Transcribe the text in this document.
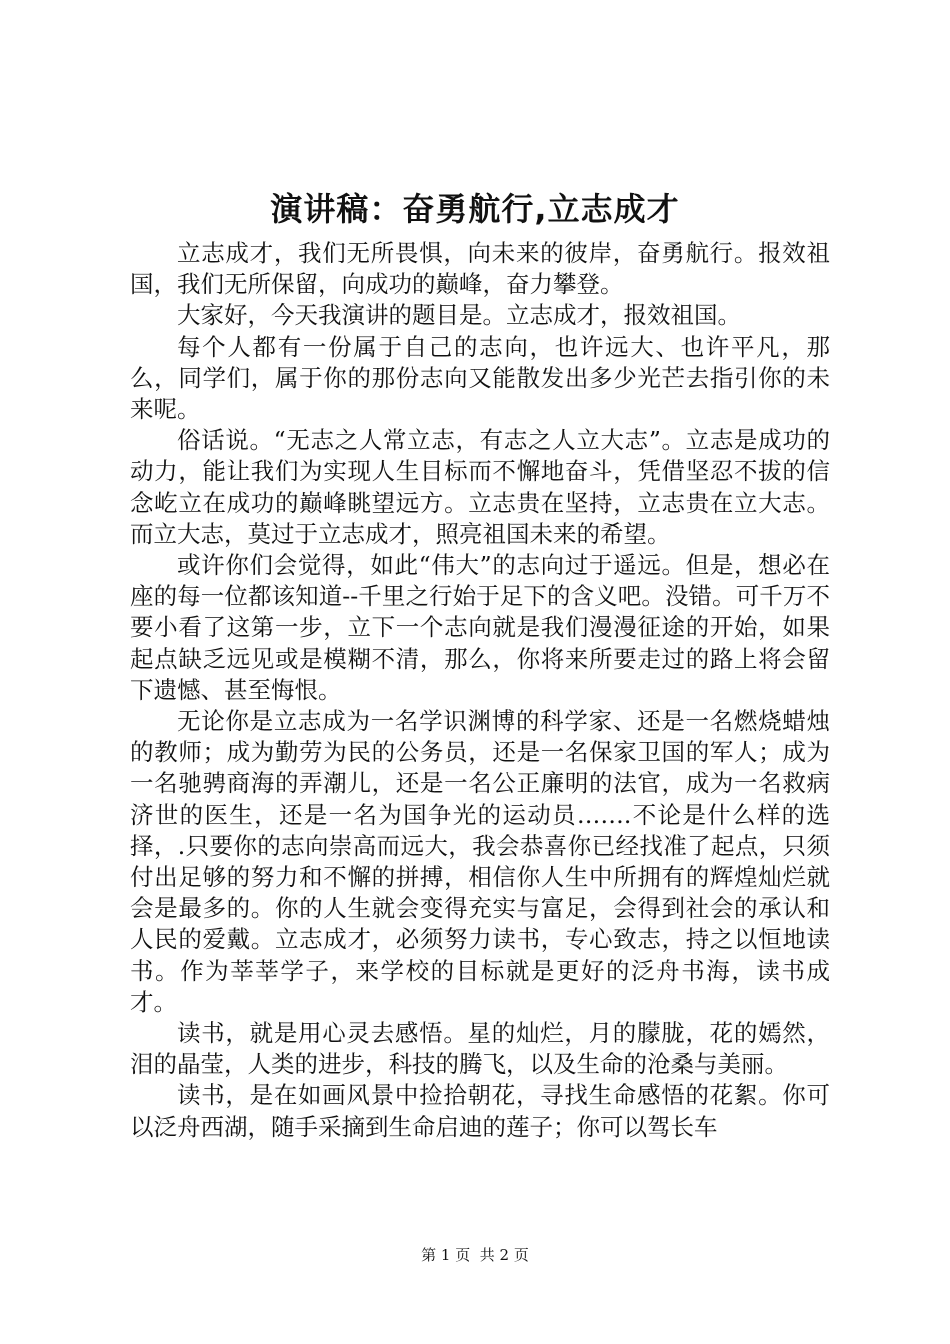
演讲稿：奋勇航行,立志成才

立志成才，我们无所畏惧，向未来的彼岸，奋勇航行。报效祖国，我们无所保留，向成功的巅峰，奋力攀登。

大家好，今天我演讲的题目是。立志成才，报效祖国。

每个人都有一份属于自己的志向，也许远大、也许平凡，那么，同学们，属于你的那份志向又能散发出多少光芒去指引你的未来呢。

俗话说。“无志之人常立志，有志之人立大志”。立志是成功的动力，能让我们为实现人生目标而不懈地奋斗，凭借坚忍不拔的信念屹立在成功的巅峰眺望远方。立志贵在坚持，立志贵在立大志。而立大志，莫过于立志成才，照亮祖国未来的希望。

或许你们会觉得，如此“伟大”的志向过于遥远。但是，想必在座的每一位都该知道--千里之行始于足下的含义吧。没错。可千万不要小看了这第一步，立下一个志向就是我们漫漫征途的开始，如果起点缺乏远见或是模糊不清，那么，你将来所要走过的路上将会留下遗憾、甚至悔恨。

无论你是立志成为一名学识渊博的科学家、还是一名燃烧蜡烛的教师；成为勤劳为民的公务员，还是一名保家卫国的军人；成为一名驰骋商海的弄潮儿，还是一名公正廉明的法官，成为一名救病济世的医生，还是一名为国争光的运动员…….不论是什么样的选择，.只要你的志向崇高而远大，我会恭喜你已经找准了起点，只须付出足够的努力和不懈的拼搏，相信你人生中所拥有的辉煌灿烂就会是最多的。你的人生就会变得充实与富足，会得到社会的承认和人民的爱戴。立志成才，必须努力读书，专心致志，持之以恒地读书。作为莘莘学子，来学校的目标就是更好的泛舟书海，读书成才。

读书，就是用心灵去感悟。星的灿烂，月的朦胧，花的嫣然，泪的晶莹，人类的进步，科技的腾飞，以及生命的沧桑与美丽。

读书，是在如画风景中捡拾朝花，寻找生命感悟的花絮。你可以泛舟西湖，随手采摘到生命启迪的莲子；你可以驾长车

第 1 页  共 2 页
